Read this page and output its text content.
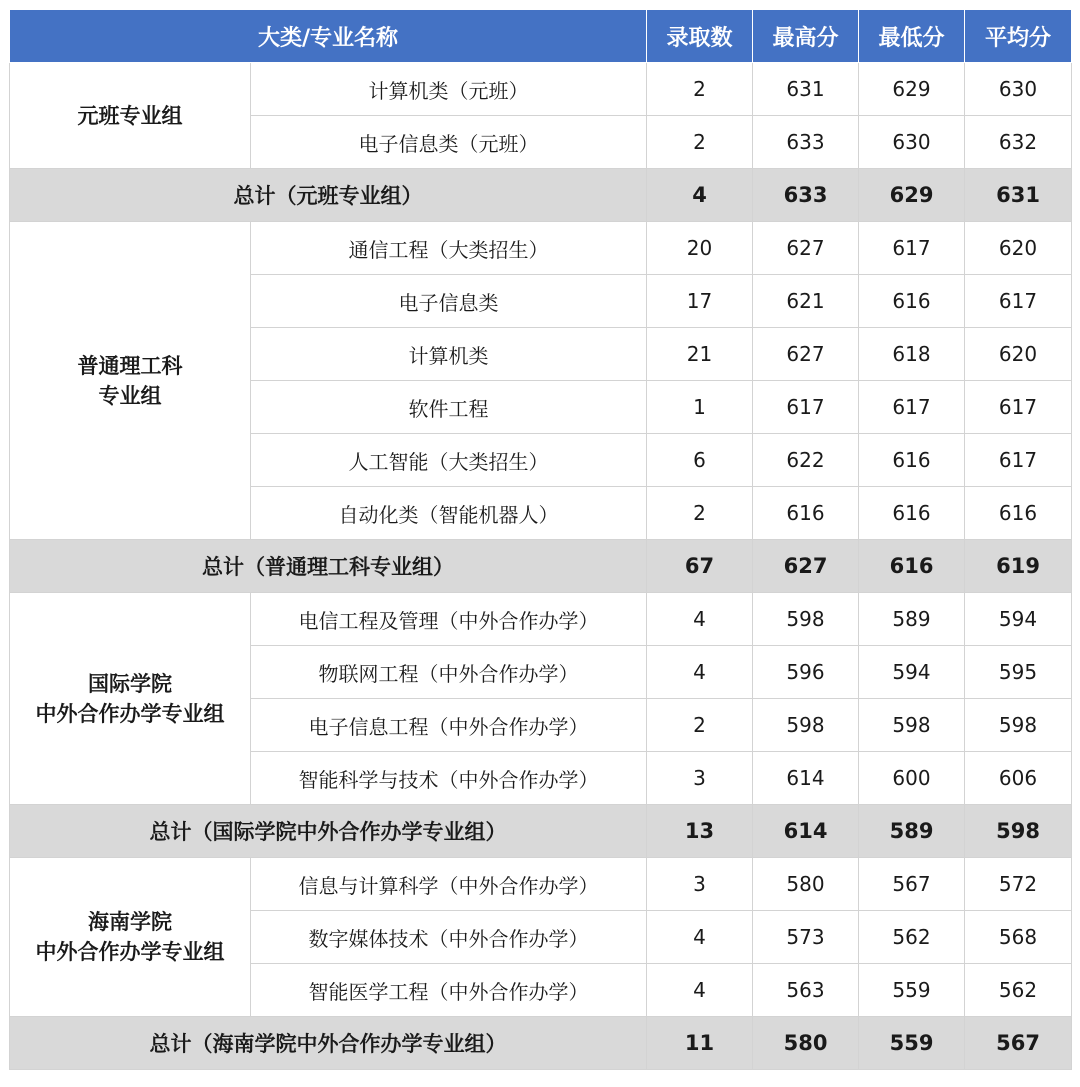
大类/专业名称		录取数	最高分	最低分	平均分

元班专业组	计算机类（元班）	2	631	629	630
	电子信息类（元班）	2	633	630	632
总计（元班专业组）		4	633	629	631

普通理工科
专业组	通信工程（大类招生）	20	627	617	620
	电子信息类	17	621	616	617
	计算机类	21	627	618	620
	软件工程	1	617	617	617
	人工智能（大类招生）	6	622	616	617
	自动化类（智能机器人）	2	616	616	616
总计（普通理工科专业组）		67	627	616	619

国际学院
中外合作办学专业组	电信工程及管理（中外合作办学）	4	598	589	594
	物联网工程（中外合作办学）	4	596	594	595
	电子信息工程（中外合作办学）	2	598	598	598
	智能科学与技术（中外合作办学）	3	614	600	606
总计（国际学院中外合作办学专业组）		13	614	589	598

海南学院
中外合作办学专业组	信息与计算科学（中外合作办学）	3	580	567	572
	数字媒体技术（中外合作办学）	4	573	562	568
	智能医学工程（中外合作办学）	4	563	559	562
总计（海南学院中外合作办学专业组）		11	580	559	567
